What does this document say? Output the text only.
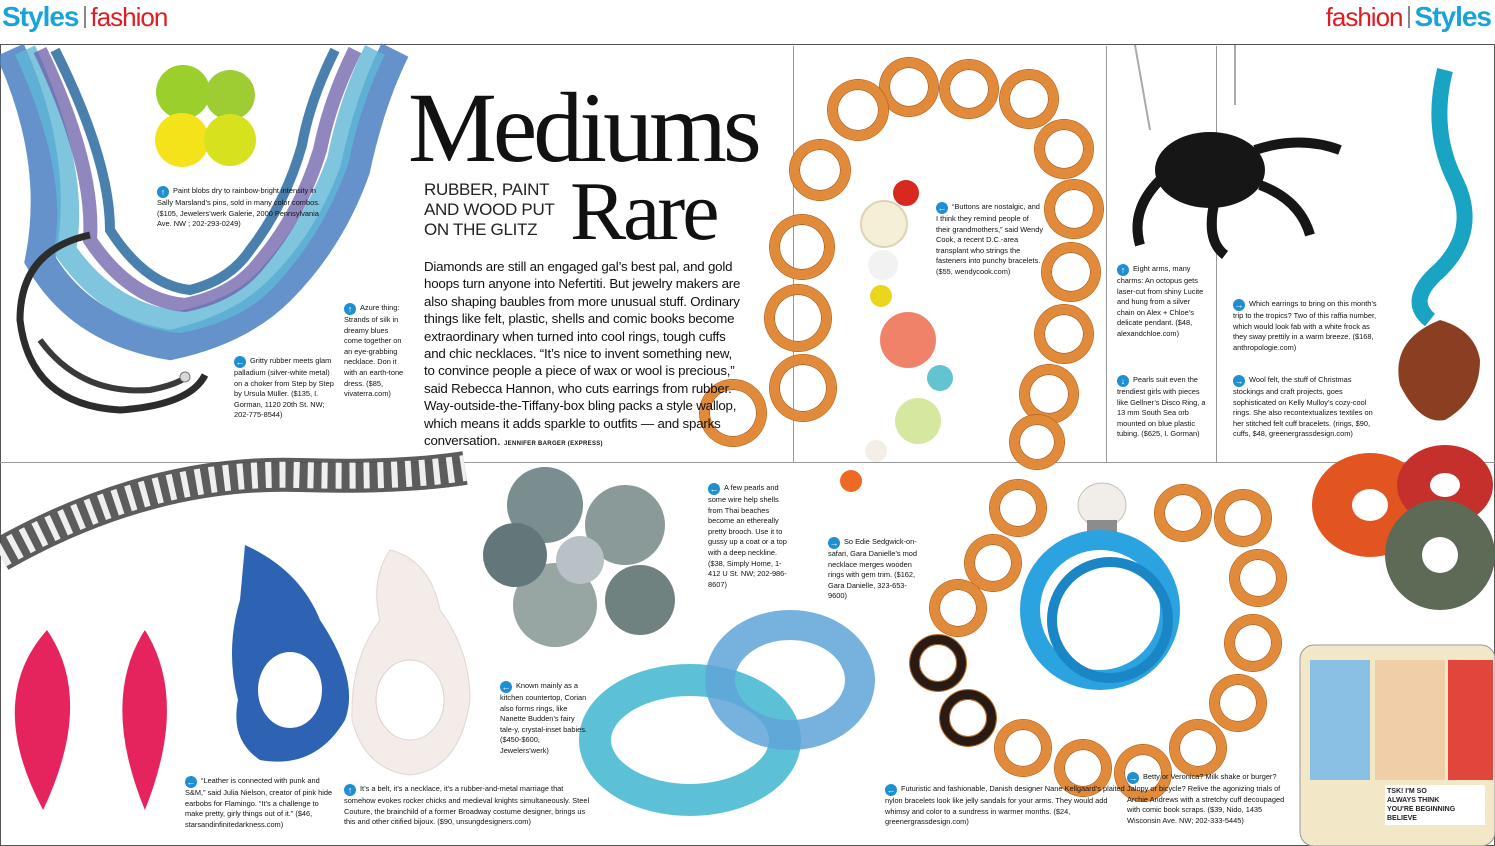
Styles fashion	fashion Styles
Mediums
Rare
RUBBER, PAINT AND WOOD PUT ON THE GLITZ
Diamonds are still an engaged gal’s best pal, and gold hoops turn anyone into Nefertiti. But jewelry makers are also shaping baubles from more unusual stuff. Ordinary things like felt, plastic, shells and comic books become extraordinary when turned into cool rings, tough cuffs and chic necklaces. “It’s nice to invent something new, to convince people a piece of wax or wool is precious,” said Rebecca Hannon, who cuts earrings from rubber. Way-outside-the-Tiffany-box bling packs a style wallop, which means it adds sparkle to outfits — and sparks conversation. JENNIFER BARGER (EXPRESS)
↑ Paint blobs dry to rainbow-bright intensity in Sally Marsland’s pins, sold in many color combos. ($105, Jewelers’werk Galerie, 2000 Pennsylvania Ave. NW ; 202-293-0249)
↑ Azure thing: Strands of silk in dreamy blues come together on an eye-grabbing necklace. Don it with an earth-tone dress. ($85, vivaterra.com)
← Gritty rubber meets glam palladium (silver-white metal) on a choker from Step by Step by Ursula Müller. ($135, I. Gorman, 1120 20th St. NW; 202-775-8544)
← “Buttons are nostalgic, and I think they remind people of their grandmothers,” said Wendy Cook, a recent D.C.-area transplant who strings the fasteners into punchy bracelets. ($55, wendycook.com)	↑ Eight arms, many charms: An octopus gets laser-cut from shiny Lucite and hung from a silver chain on Alex + Chloe’s delicate pendant. ($48, alexandchloe.com)
↓ Pearls suit even the trendiest girls with pieces like Gellner’s Disco Ring, a 13 mm South Sea orb mounted on blue plastic tubing. ($625, I. Gorman)
→ Which earrings to bring on this month’s trip to the tropics? Two of this raffia number, which would look fab with a white frock as they sway prettily in a warm breeze. ($168, anthropologie.com)
→ Wool felt, the stuff of Christmas stockings and craft projects, goes sophisticated on Kelly Mulloy’s cozy-cool rings. She also recontextualizes textiles on her stitched felt cuff bracelets. (rings, $90, cuffs, $48, greenergrassdesign.com)
← A few pearls and some wire help shells from Thai beaches become an ethereally pretty brooch. Use it to gussy up a coat or a top with a deep neckline. ($38, Simply Home, 1-412 U St. NW; 202-986-8607)
→ So Edie Sedgwick-on-safari, Gara Danielle’s mod necklace merges wooden rings with gem trim. ($162, Gara Danielle, 323-653-9600)
← Known mainly as a kitchen countertop, Corian also forms rings, like Nanette Budden’s fairy tale-y, crystal-inset babies. ($450-$600, Jewelers’werk)
← “Leather is connected with punk and S&M,” said Julia Nielson, creator of pink hide earbobs for Flamingo. “It’s a challenge to make pretty, girly things out of it.” ($46, starsandinfinitedarkness.com)
↑ It’s a belt, it’s a necklace, it’s a rubber-and-metal marriage that somehow evokes rocker chicks and medieval knights simultaneously. Steel Couture, the brainchild of a former Broadway costume designer, brings us this and other citified bijoux. ($90, unsungdesigners.com)
← Futuristic and fashionable, Danish designer Nane Kellgaard’s plaited nylon bracelets look like jelly sandals for your arms. They would add whimsy and color to a sundress in warmer months. ($24, greenergrassdesign.com)
→ Betty or Veronica? Milk shake or burger? Jalopy or bicycle? Relive the agonizing trials of Archie Andrews with a stretchy cuff decoupaged with comic book scraps. ($39, Nido, 1435 Wisconsin Ave. NW; 202-333-5445)
TSK! I'M SO
ALWAYS THINK
YOU'RE BEGINNING
BELIEVE
